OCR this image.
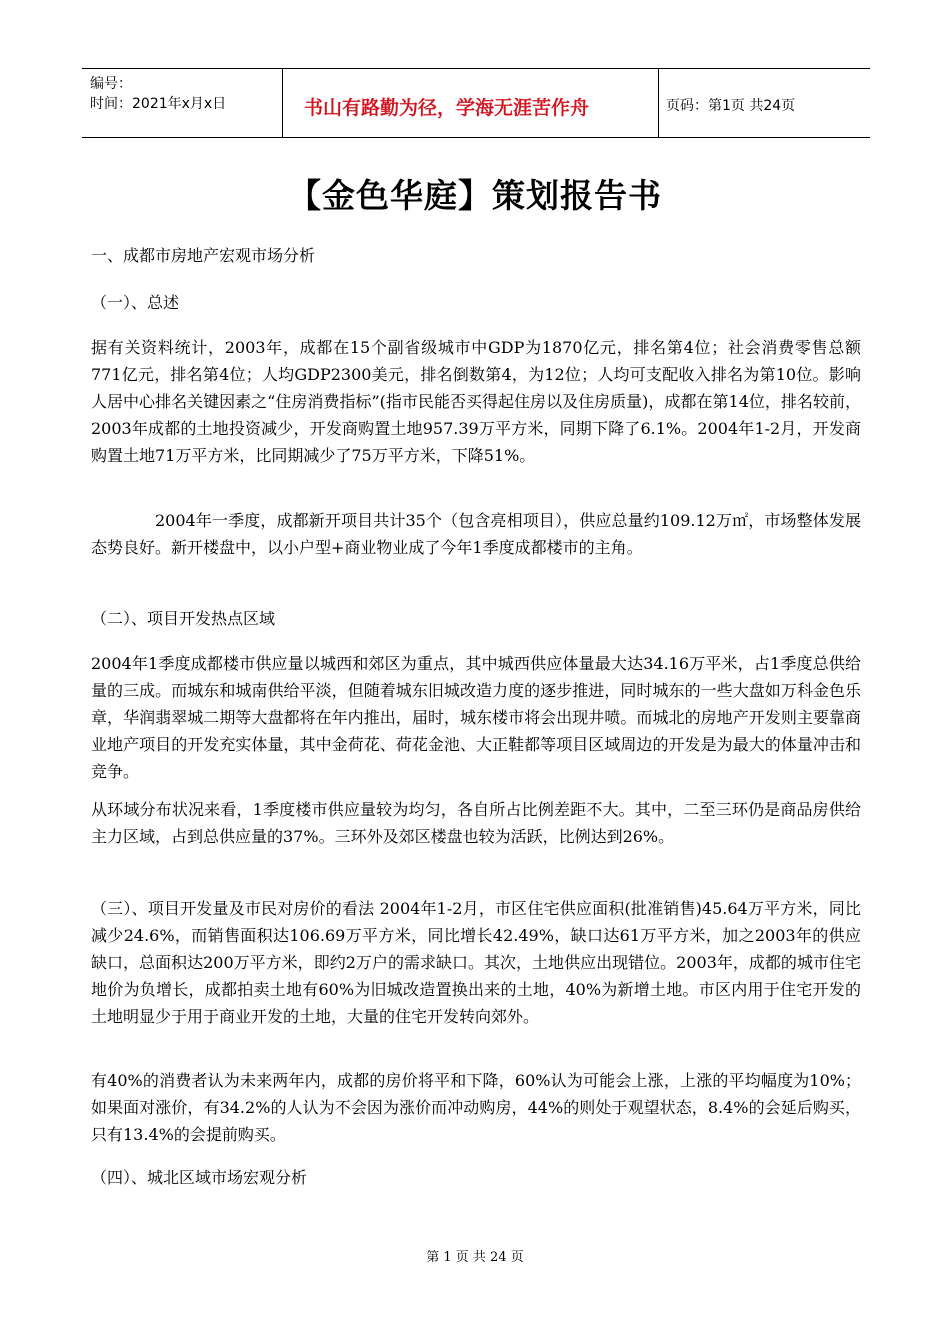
编号：
时间：2021年x月x日	书山有路勤为径，学海无涯苦作舟	页码：第1页 共24页
【金色华庭】策划报告书
一、成都市房地产宏观市场分析
（一）、总述
据有关资料统计，2003年，成都在15个副省级城市中GDP为1870亿元，排名第4位；社会消费零售总额771亿元，排名第4位；人均GDP2300美元，排名倒数第4，为12位；人均可支配收入排名为第10位。影响人居中心排名关键因素之“住房消费指标”(指市民能否买得起住房以及住房质量)，成都在第14位，排名较前， 2003年成都的土地投资减少，开发商购置土地957.39万平方米，同期下降了6.1%。2004年1-2月，开发商购置土地71万平方米，比同期减少了75万平方米，下降51%。
2004年一季度，成都新开项目共计35个（包含亮相项目），供应总量约109.12万㎡，市场整体发展态势良好。新开楼盘中，以小户型+商业物业成了今年1季度成都楼市的主角。
（二）、项目开发热点区域
2004年1季度成都楼市供应量以城西和郊区为重点，其中城西供应体量最大达34.16万平米，占1季度总供给量的三成。而城东和城南供给平淡，但随着城东旧城改造力度的逐步推进，同时城东的一些大盘如万科金色乐章，华润翡翠城二期等大盘都将在年内推出，届时，城东楼市将会出现井喷。而城北的房地产开发则主要靠商业地产项目的开发充实体量，其中金荷花、荷花金池、大正鞋都等项目区域周边的开发是为最大的体量冲击和竞争。
从环域分布状况来看，1季度楼市供应量较为均匀，各自所占比例差距不大。其中，二至三环仍是商品房供给主力区域，占到总供应量的37%。三环外及郊区楼盘也较为活跃，比例达到26%。
（三）、项目开发量及市民对房价的看法 2004年1-2月，市区住宅供应面积(批准销售)45.64万平方米，同比减少24.6%，而销售面积达106.69万平方米，同比增长42.49%，缺口达61万平方米，加之2003年的供应缺口，总面积达200万平方米，即约2万户的需求缺口。其次，土地供应出现错位。2003年，成都的城市住宅地价为负增长，成都拍卖土地有60%为旧城改造置换出来的土地，40%为新增土地。市区内用于住宅开发的土地明显少于用于商业开发的土地，大量的住宅开发转向郊外。
有40%的消费者认为未来两年内，成都的房价将平和下降，60%认为可能会上涨，上涨的平均幅度为10%；如果面对涨价，有34.2%的人认为不会因为涨价而冲动购房，44%的则处于观望状态，8.4%的会延后购买，只有13.4%的会提前购买。
（四）、城北区域市场宏观分析
第 1 页 共 24 页
